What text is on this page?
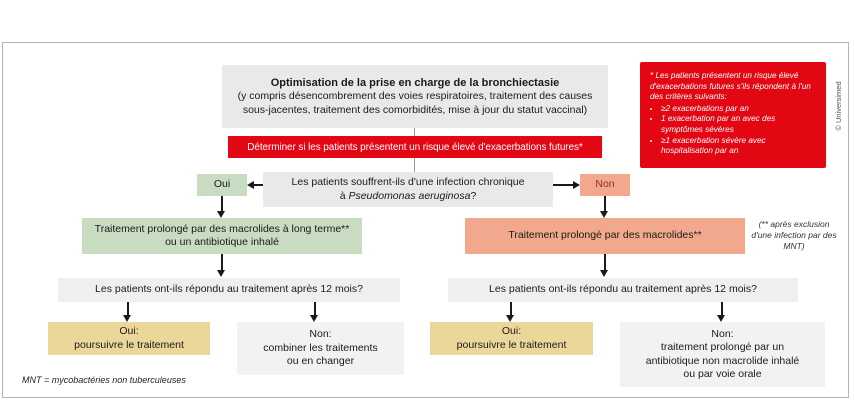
Optimisation de la prise en charge de la bronchiectasie
(y compris désencombrement des voies respiratoires, traitement des causes
sous-jacentes, traitement des comorbidités, mise à jour du statut vaccinal)
Déterminer si les patients présentent un risque élevé d'exacerbations futures*
* Les patients présentent un risque élevé d'exacerbations futures s'ils répondent à l'un des critères suivants:
• ≥2 exacerbations par an
• 1 exacerbation par an avec des symptômes sévères
• ≥1 exacerbation sévère avec hospitalisation par an
Les patients souffrent-ils d'une infection chronique
à Pseudomonas aeruginosa?
Oui	Non
Traitement prolongé par des macrolides à long terme**
ou un antibiotique inhalé
Traitement prolongé par des macrolides**
(** après exclusion d'une infection par des MNT)
Les patients ont-ils répondu au traitement après 12 mois?	Les patients ont-ils répondu au traitement après 12 mois?
Oui:
poursuivre le traitement
Non:
combiner les traitements
ou en changer
Oui:
poursuivre le traitement
Non:
traitement prolongé par un
antibiotique non macrolide inhalé
ou par voie orale
MNT = mycobactéries non tuberculeuses
© Universimed
